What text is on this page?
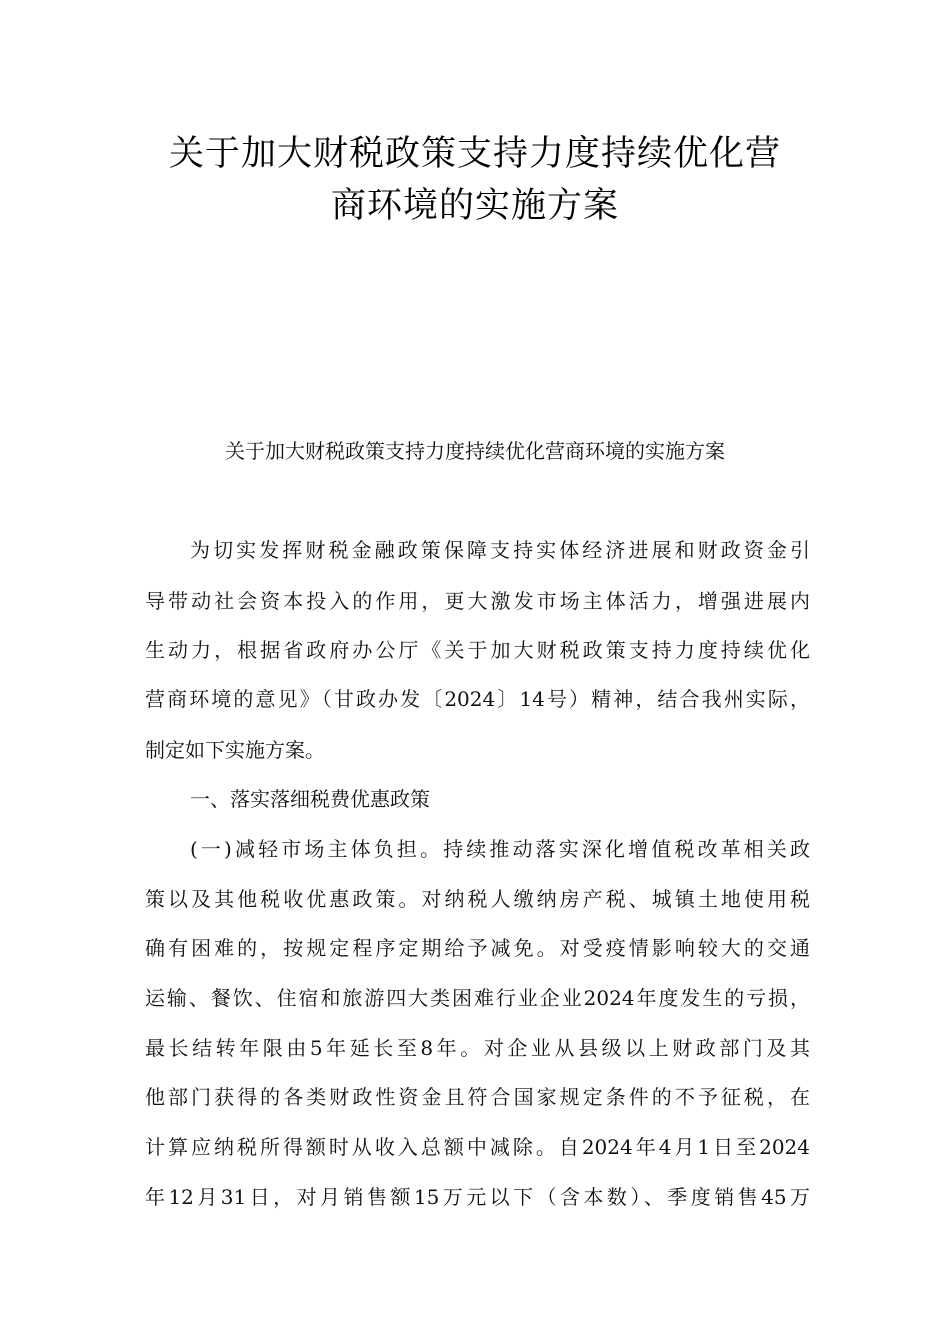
关于加大财税政策支持力度持续优化营
商环境的实施方案
关于加大财税政策支持力度持续优化营商环境的实施方案
为切实发挥财税金融政策保障支持实体经济进展和财政资金引
导带动社会资本投入的作用，更大激发市场主体活力，增强进展内
生动力，根据省政府办公厅《关于加大财税政策支持力度持续优化
营商环境的意见》（甘政办发〔2024〕14号）精神，结合我州实际，
制定如下实施方案。
一、落实落细税费优惠政策
(一)减轻市场主体负担。持续推动落实深化增值税改革相关政
策以及其他税收优惠政策。对纳税人缴纳房产税、城镇土地使用税
确有困难的，按规定程序定期给予减免。对受疫情影响较大的交通
运输、餐饮、住宿和旅游四大类困难行业企业2024年度发生的亏损，
最长结转年限由5年延长至8年。对企业从县级以上财政部门及其
他部门获得的各类财政性资金且符合国家规定条件的不予征税，在
计算应纳税所得额时从收入总额中减除。自2024年4月1日至2024
年12月31日，对月销售额15万元以下（含本数）、季度销售45万
